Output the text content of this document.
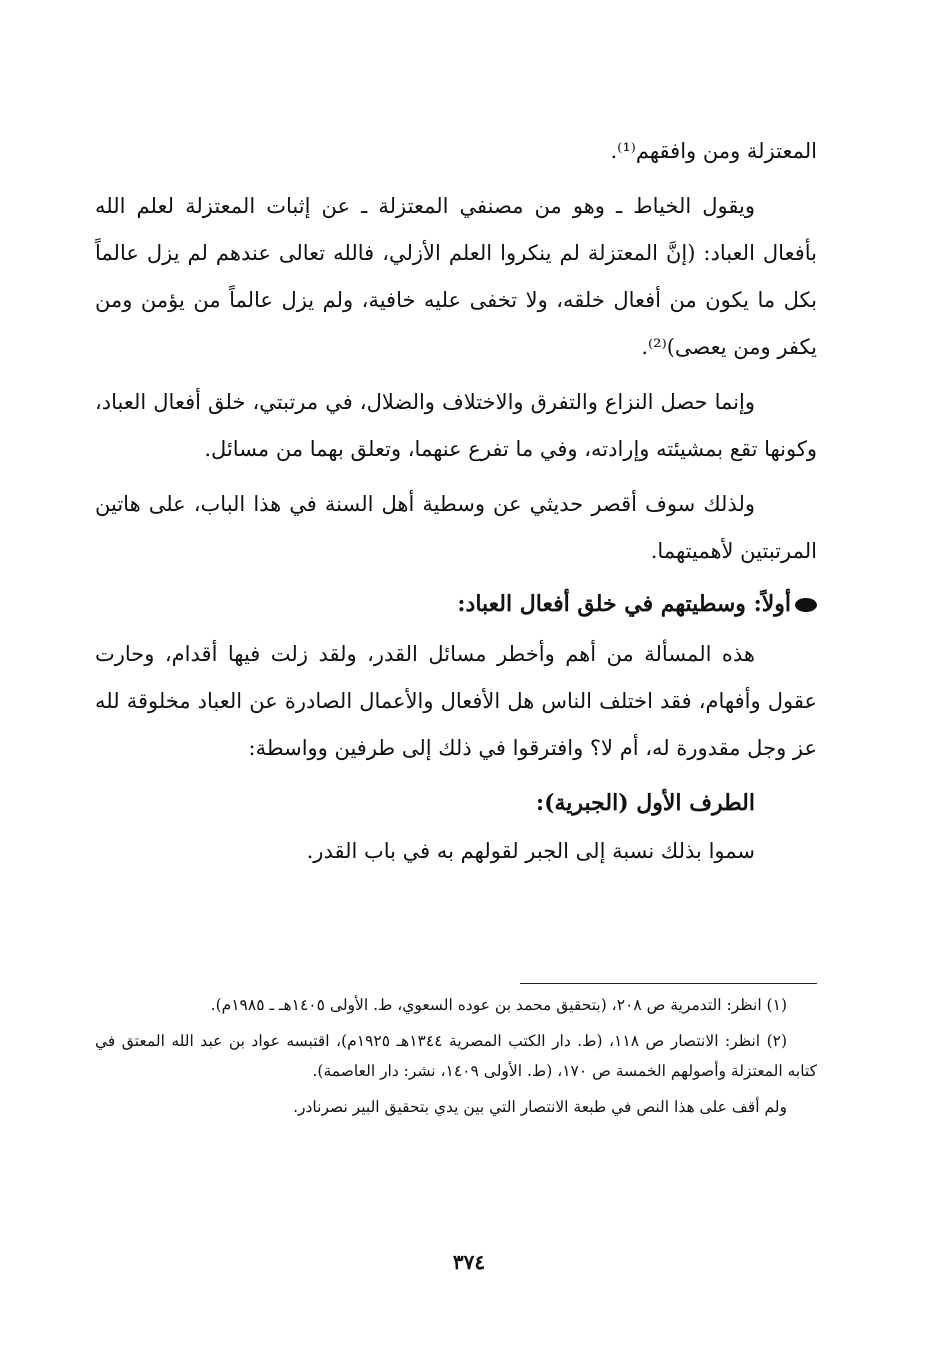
المعتزلة ومن وافقهم⁽¹⁾.

ويقول الخياط ـ وهو من مصنفي المعتزلة ـ عن إثبات المعتزلة لعلم الله بأفعال العباد: (إنَّ المعتزلة لم ينكروا العلم الأزلي، فالله تعالى عندهم لم يزل عالماً بكل ما يكون من أفعال خلقه، ولا تخفى عليه خافية، ولم يزل عالماً من يؤمن ومن يكفر ومن يعصى)⁽²⁾.

وإنما حصل النزاع والتفرق والاختلاف والضلال، في مرتبتي، خلق أفعال العباد، وكونها تقع بمشيئته وإرادته، وفي ما تفرع عنهما، وتعلق بهما من مسائل.

ولذلك سوف أقصر حديثي عن وسطية أهل السنة في هذا الباب، على هاتين المرتبتين لأهميتهما.

أولاً: وسطيتهم في خلق أفعال العباد:

هذه المسألة من أهم وأخطر مسائل القدر، ولقد زلت فيها أقدام، وحارت عقول وأفهام، فقد اختلف الناس هل الأفعال والأعمال الصادرة عن العباد مخلوقة لله عز وجل مقدورة له، أم لا؟ وافترقوا في ذلك إلى طرفين وواسطة:

الطرف الأول (الجبرية):

سموا بذلك نسبة إلى الجبر لقولهم به في باب القدر.

(١) انظر: التدمرية ص ٢٠٨، (بتحقيق محمد بن عوده السعوي، ط. الأولى ١٤٠٥هـ ـ ١٩٨٥م).

(٢) انظر: الانتصار ص ١١٨، (ط. دار الكتب المصرية ١٣٤٤هـ ١٩٢٥م)، اقتبسه عواد بن عبد الله المعتق في كتابه المعتزلة وأصولهم الخمسة ص ١٧٠، (ط. الأولى ١٤٠٩، نشر: دار العاصمة).

ولم أقف على هذا النص في طبعة الانتصار التي بين يدي بتحقيق البير نصرنادر.

٣٧٤
